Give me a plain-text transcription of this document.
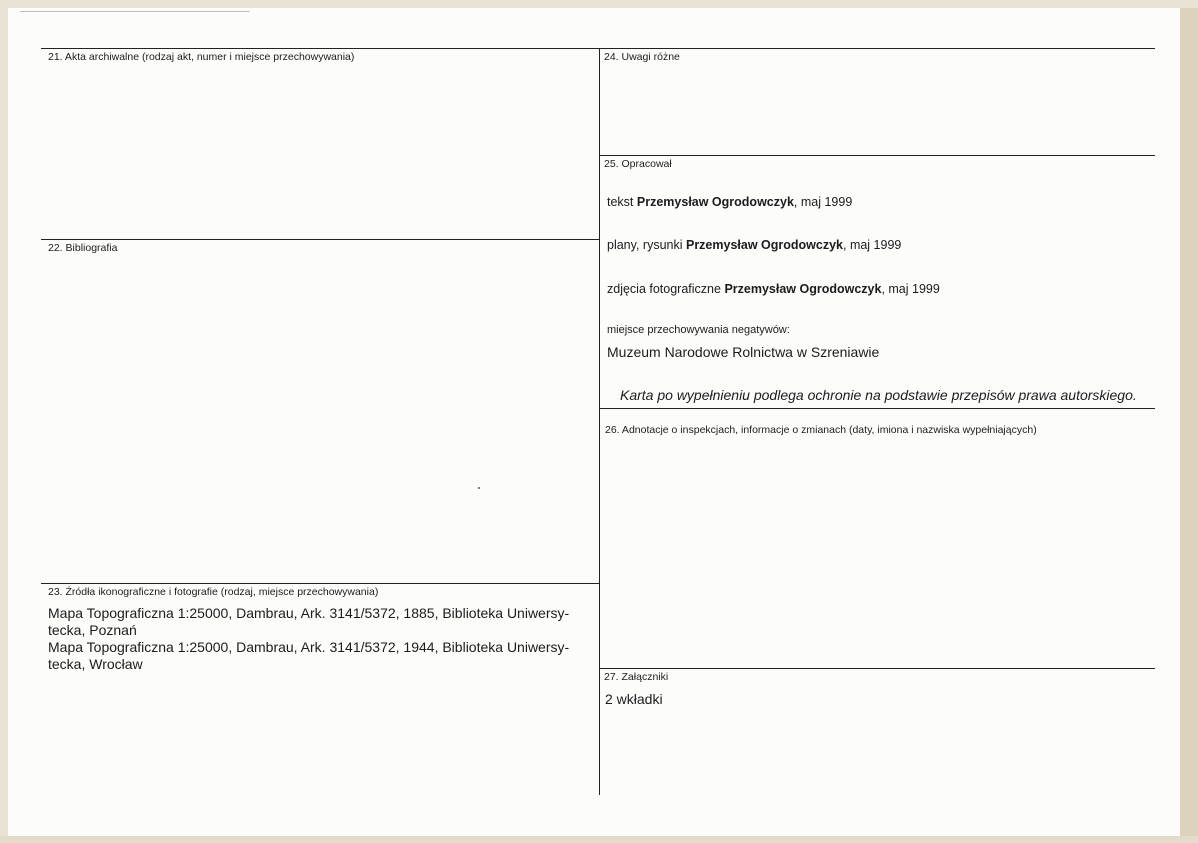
21. Akta archiwalne (rodzaj akt, numer i miejsce przechowywania)
22. Bibliografia
23. Źródła ikonograficzne i fotografie (rodzaj, miejsce przechowywania)
Mapa Topograficzna 1:25000, Dambrau, Ark. 3141/5372, 1885, Biblioteka Uniwersy-
tecka, Poznań
Mapa Topograficzna 1:25000, Dambrau, Ark. 3141/5372, 1944, Biblioteka Uniwersy-
tecka, Wrocław
24. Uwagi różne
25. Opracował
tekst Przemysław Ogrodowczyk, maj 1999
plany, rysunki Przemysław Ogrodowczyk, maj 1999
zdjęcia fotograficzne Przemysław Ogrodowczyk, maj 1999
miejsce przechowywania negatywów:
Muzeum Narodowe Rolnictwa w Szreniawie
Karta po wypełnieniu podlega ochronie na podstawie przepisów prawa autorskiego.
26. Adnotacje o inspekcjach, informacje o zmianach (daty, imiona i nazwiska wypełniających)
27. Załączniki
2 wkładki
